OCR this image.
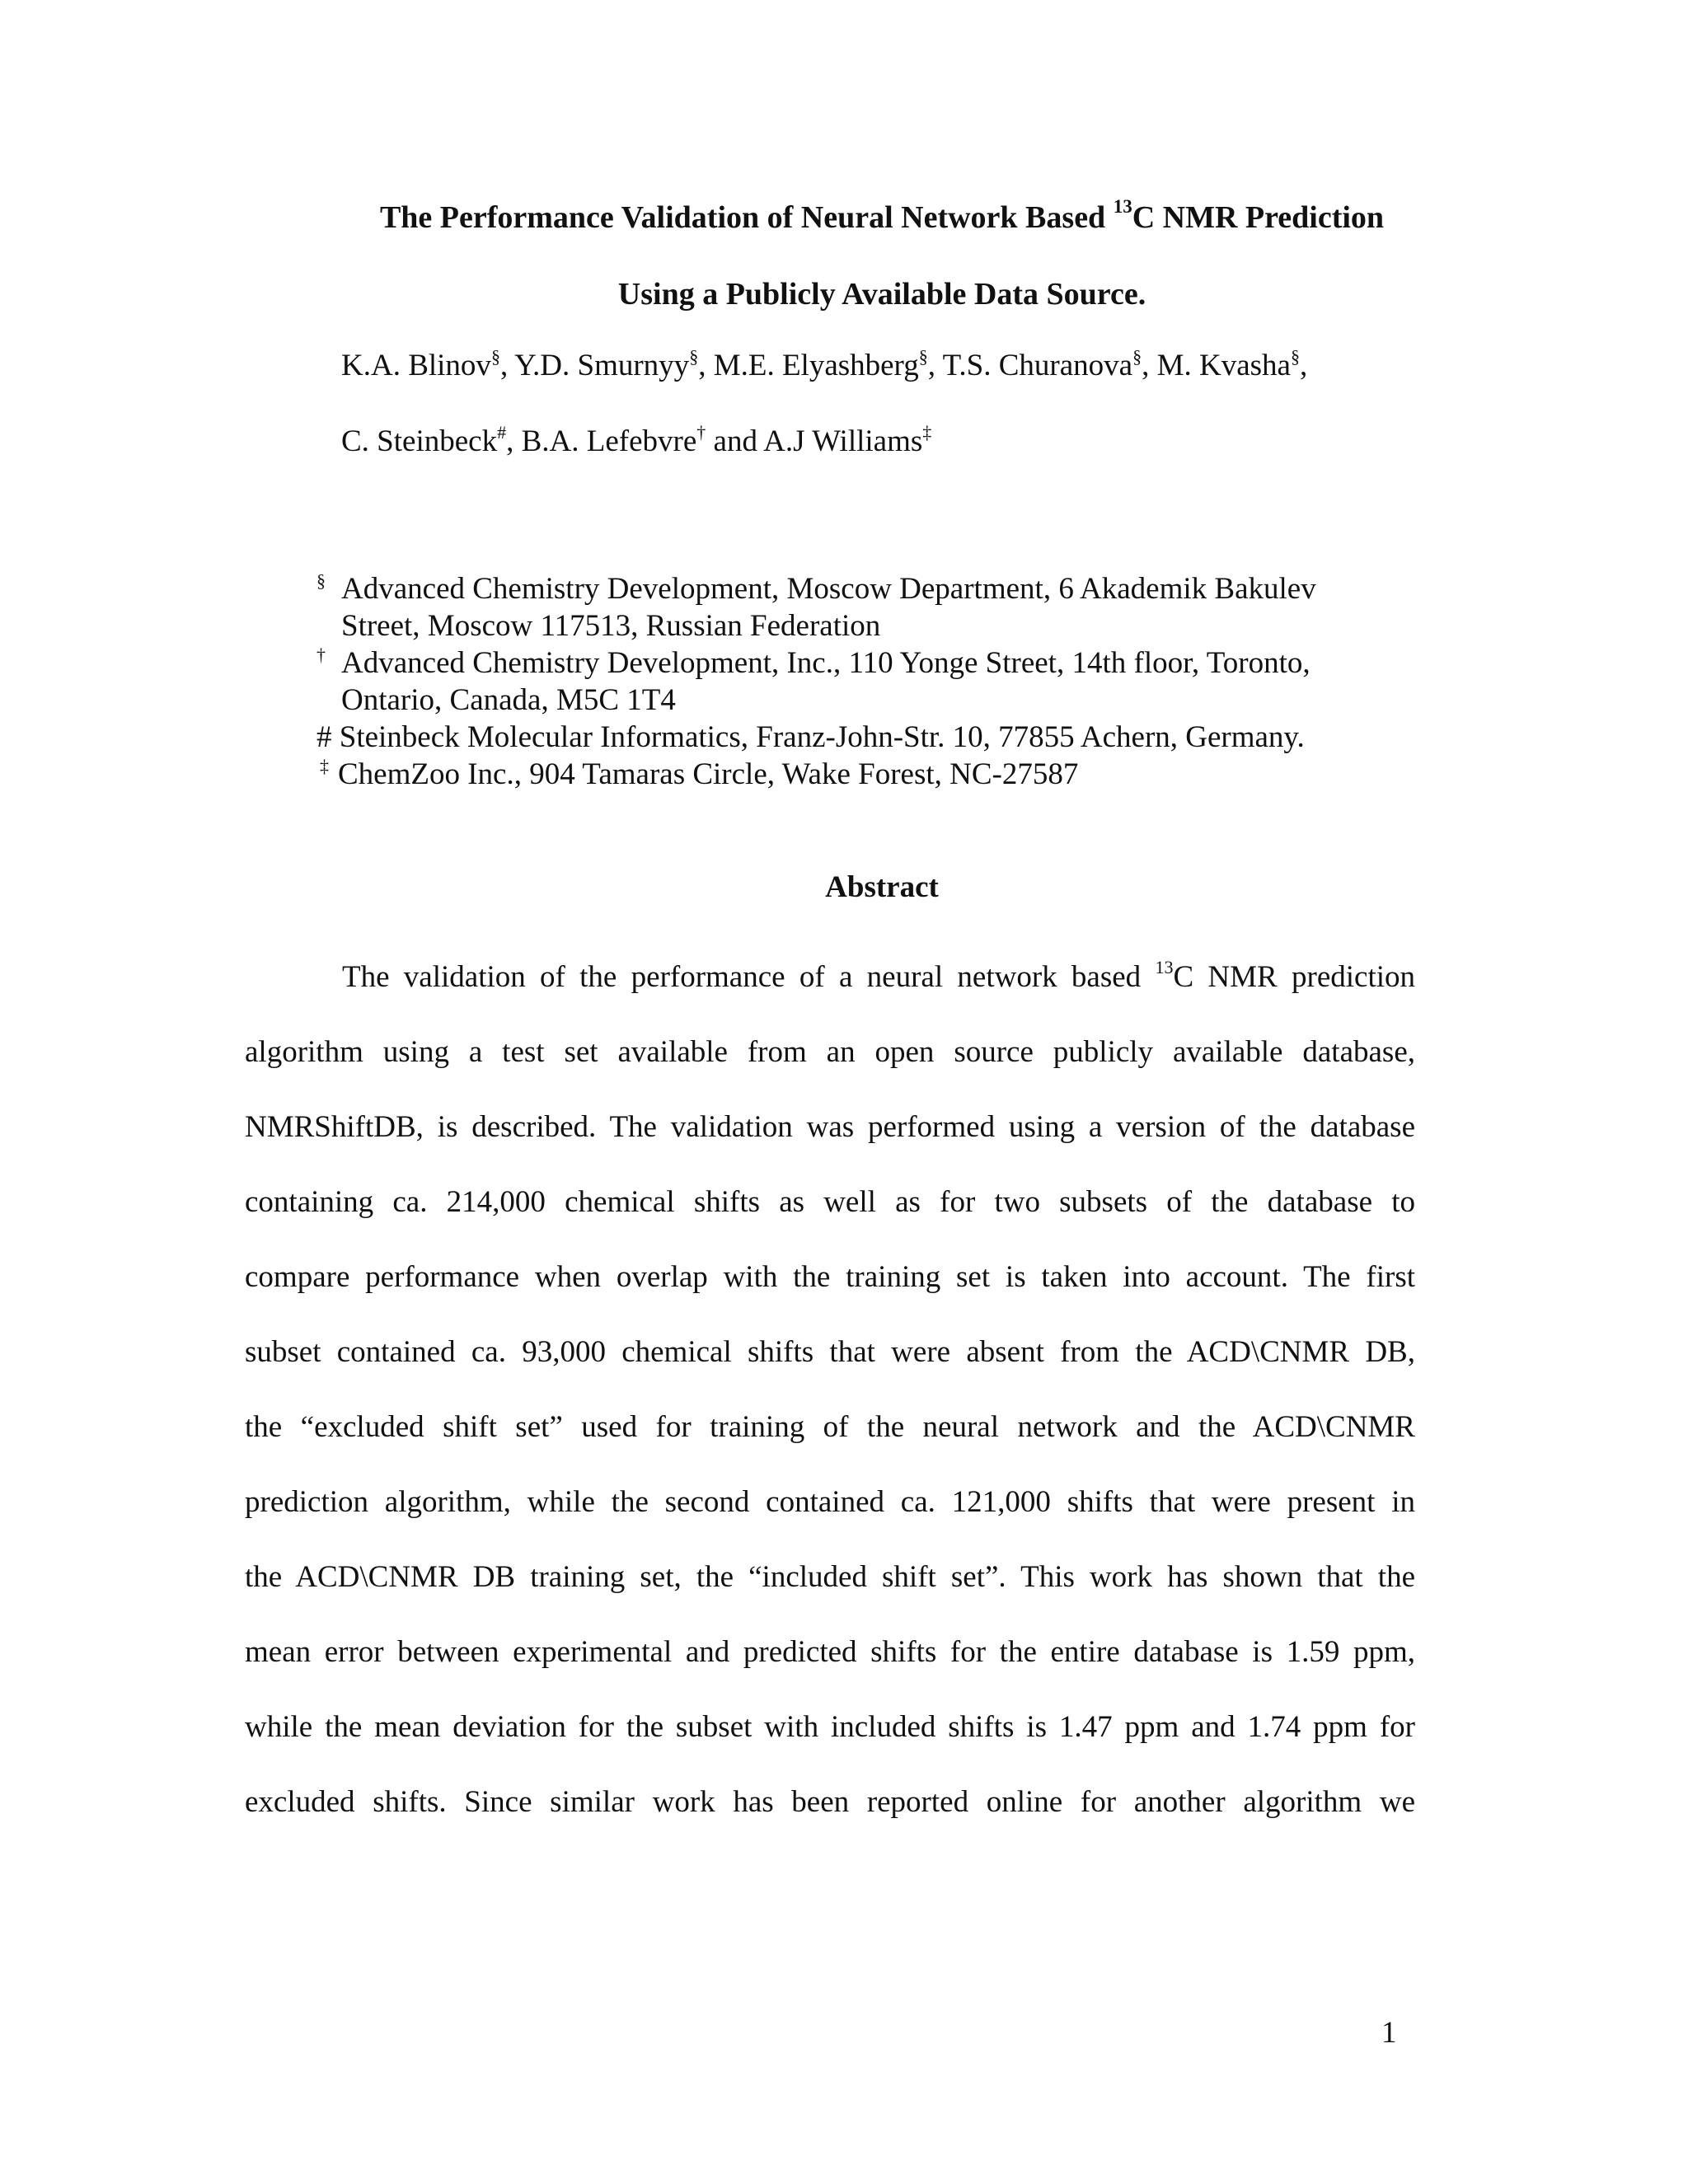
The Performance Validation of Neural Network Based $^{13}$C NMR Prediction
Using a Publicly Available Data Source.
K.A. Blinov§, Y.D. Smurnyy§, M.E. Elyashberg§, T.S. Churanova§, M. Kvasha§,
C. Steinbeck#, B.A. Lefebvre† and A.J Williams‡
§ Advanced Chemistry Development, Moscow Department, 6 Akademik Bakulev
Street, Moscow 117513, Russian Federation
† Advanced Chemistry Development, Inc., 110 Yonge Street, 14th floor, Toronto,
Ontario, Canada, M5C 1T4
# Steinbeck Molecular Informatics, Franz-John-Str. 10, 77855 Achern, Germany.
‡ ChemZoo Inc., 904 Tamaras Circle, Wake Forest, NC-27587
Abstract
The validation of the performance of a neural network based $^{13}$C NMR prediction
algorithm using a test set available from an open source publicly available database,
NMRShiftDB, is described. The validation was performed using a version of the database
containing ca. 214,000 chemical shifts as well as for two subsets of the database to
compare performance when overlap with the training set is taken into account. The first
subset contained ca. 93,000 chemical shifts that were absent from the ACD\CNMR DB,
the “excluded shift set” used for training of the neural network and the ACD\CNMR
prediction algorithm, while the second contained ca. 121,000 shifts that were present in
the ACD\CNMR DB training set, the “included shift set”. This work has shown that the
mean error between experimental and predicted shifts for the entire database is 1.59 ppm,
while the mean deviation for the subset with included shifts is 1.47 ppm and 1.74 ppm for
excluded shifts. Since similar work has been reported online for another algorithm we
1
